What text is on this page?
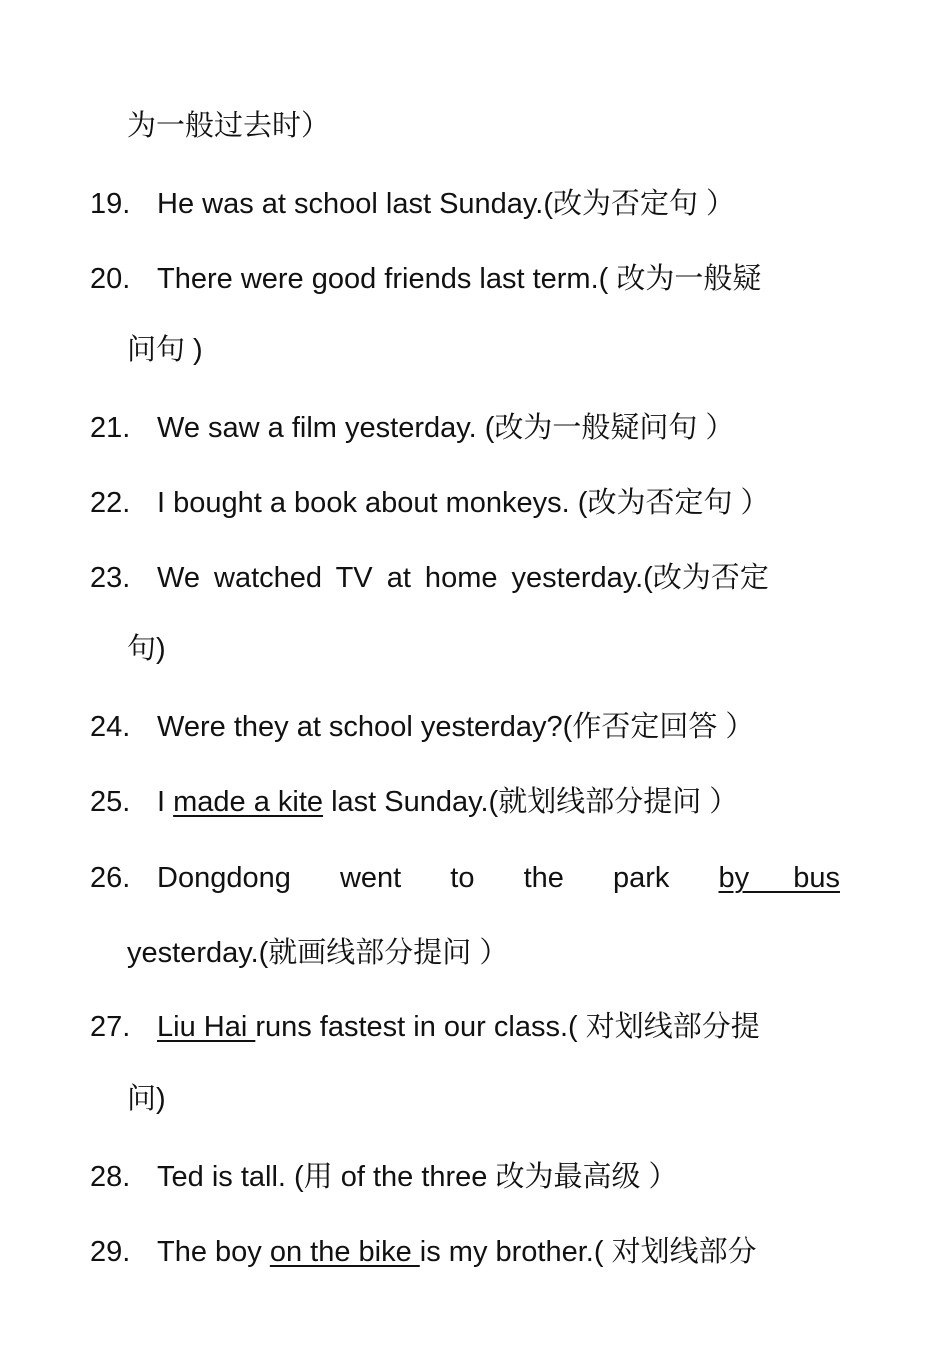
为一般过去时）
19. He was at school last Sunday.(改为否定句 ）
20. There were good friends last term.( 改为一般疑
问句 )
21. We saw a film yesterday. (改为一般疑问句 ）
22. I bought a book about monkeys. (改为否定句 ）
23. We watched TV at home yesterday.(改为否定
句)
24. Were they at school yesterday?(作否定回答 ）
25. I made a kite last Sunday.(就划线部分提问 ）
26. Dongdong went to the park by bus
yesterday.(就画线部分提问 ）
27. Liu Hai runs fastest in our class.( 对划线部分提
问)
28. Ted is tall. (用 of the three 改为最高级 ）
29. The boy on the bike is my brother.( 对划线部分
